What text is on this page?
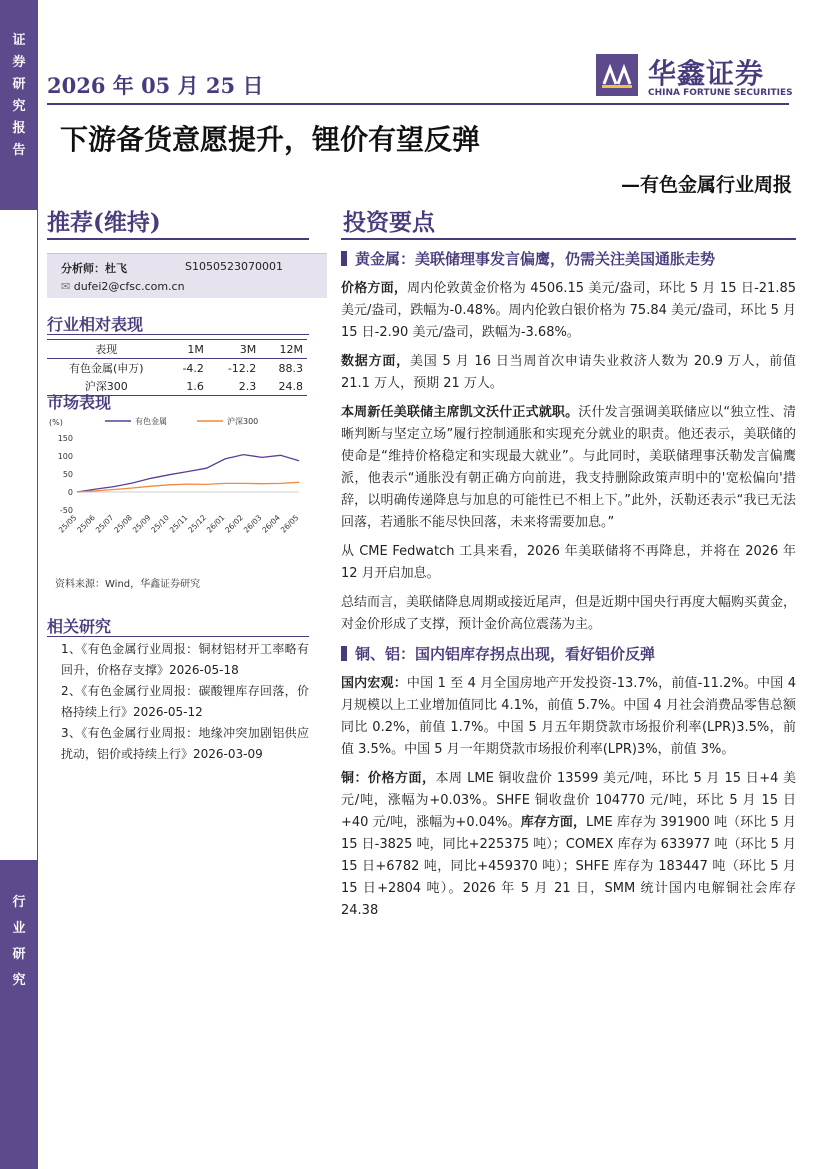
证
券
研
究
报
告
行
业
研
究
2026 年 05 月 25 日	华鑫证券
CHINA FORTUNE SECURITIES
下游备货意愿提升，锂价有望反弹
—有色金属行业周报
推荐(维持)	投资要点
分析师：杜飞	S1050523070001
✉ dufei2@cfsc.com.cn
行业相对表现
表现	1M	3M	12M
有色金属(申万)	-4.2	-12.2	88.3
沪深300	1.6	2.3	24.8
市场表现
(%)
150
100
50
0
-50
25/05
25/06
25/07
25/08
25/09
25/10
25/11
25/12
26/01
26/02
26/03
26/04
26/05
有色金属	沪深300
资料来源：Wind，华鑫证券研究
相关研究

1、《有色金属行业周报：铜材铝材开工率略有回升，价格存支撑》2026-05-18

2、《有色金属行业周报：碳酸锂库存回落，价格持续上行》2026-05-12

3、《有色金属行业周报：地缘冲突加剧铝供应扰动，铝价或持续上行》2026-03-09

黄金属：美联储理事发言偏鹰，仍需关注美国通胀走势

价格方面，周内伦敦黄金价格为 4506.15 美元/盎司，环比 5 月 15 日-21.85 美元/盎司，跌幅为-0.48%。周内伦敦白银价格为 75.84 美元/盎司，环比 5 月 15 日-2.90 美元/盎司，跌幅为-3.68%。

数据方面，美国 5 月 16 日当周首次申请失业救济人数为 20.9 万人，前值 21.1 万人，预期 21 万人。

本周新任美联储主席凯文沃什正式就职。沃什发言强调美联储应以“独立性、清晰判断与坚定立场”履行控制通胀和实现充分就业的职责。他还表示，美联储的使命是“维持价格稳定和实现最大就业”。与此同时，美联储理事沃勒发言偏鹰派，他表示“通胀没有朝正确方向前进，我支持删除政策声明中的'宽松偏向'措辞，以明确传递降息与加息的可能性已不相上下。”此外，沃勒还表示“我已无法回落，若通胀不能尽快回落，未来将需要加息。”

从 CME Fedwatch 工具来看，2026 年美联储将不再降息，并将在 2026 年 12 月开启加息。

总结而言，美联储降息周期或接近尾声，但是近期中国央行再度大幅购买黄金，对金价形成了支撑，预计金价高位震荡为主。

铜、铝：国内铝库存拐点出现，看好铝价反弹

国内宏观：中国 1 至 4 月全国房地产开发投资-13.7%，前值-11.2%。中国 4 月规模以上工业增加值同比 4.1%，前值 5.7%。中国 4 月社会消费品零售总额同比 0.2%，前值 1.7%。中国 5 月五年期贷款市场报价利率(LPR)3.5%，前值 3.5%。中国 5 月一年期贷款市场报价利率(LPR)3%，前值 3%。

铜：价格方面，本周 LME 铜收盘价 13599 美元/吨，环比 5 月 15 日+4 美元/吨，涨幅为+0.03%。SHFE 铜收盘价 104770 元/吨，环比 5 月 15 日+40 元/吨，涨幅为+0.04%。库存方面，LME 库存为 391900 吨（环比 5 月 15 日-3825 吨，同比+225375 吨）；COMEX 库存为 633977 吨（环比 5 月 15 日+6782 吨，同比+459370 吨）；SHFE 库存为 183447 吨（环比 5 月 15 日+2804 吨）。2026 年 5 月 21 日，SMM 统计国内电解铜社会库存 24.38
